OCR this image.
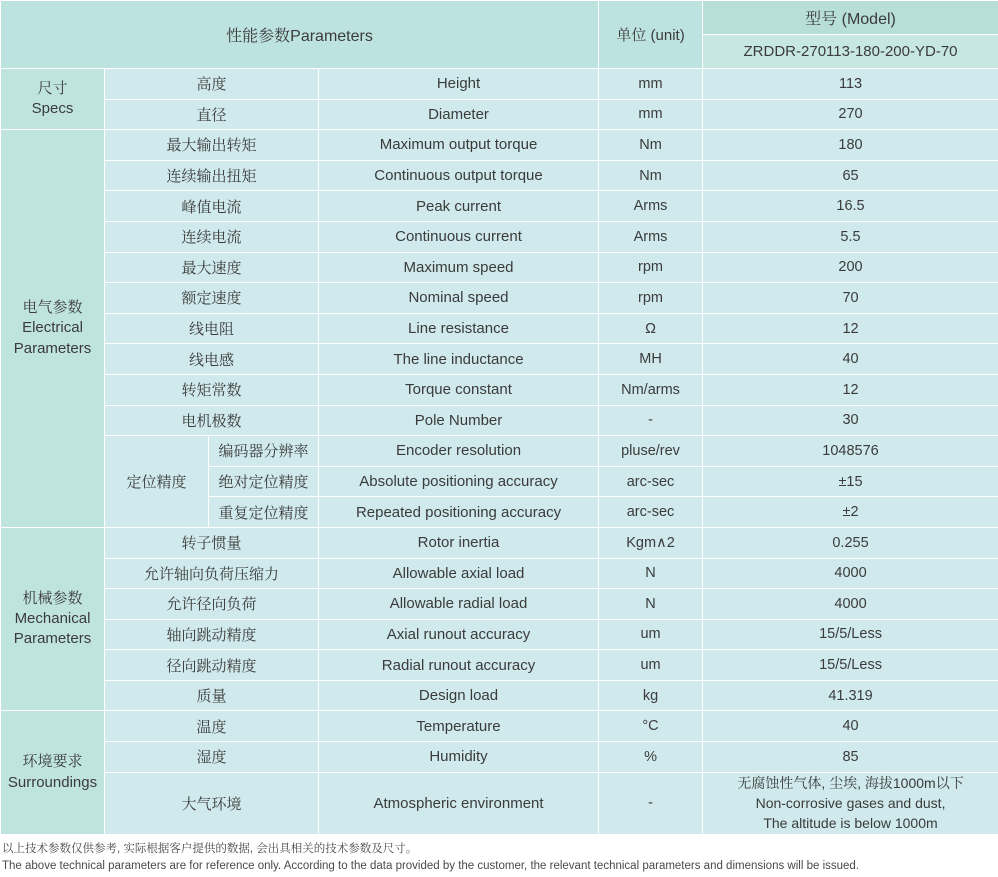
性能参数Parameters				单位 (unit)	型号 (Model)
					ZRDDR-270113-180-200-YD-70
尺寸
Specs	高度		Height	mm	113
	直径		Diameter	mm	270
电气参数
Electrical
Parameters	最大输出转矩		Maximum output torque	Nm	180
	连续输出扭矩		Continuous output torque	Nm	65
	峰值电流		Peak current	Arms	16.5
	连续电流		Continuous current	Arms	5.5
	最大速度		Maximum speed	rpm	200
	额定速度		Nominal speed	rpm	70
	线电阻		Line resistance	Ω	12
	线电感		The line inductance	MH	40
	转矩常数		Torque constant	Nm/arms	12
	电机极数		Pole Number	-	30
	定位精度	编码器分辨率	Encoder resolution	pluse/rev	1048576
		绝对定位精度	Absolute positioning accuracy	arc-sec	±15
		重复定位精度	Repeated positioning accuracy	arc-sec	±2
机械参数
Mechanical
Parameters	转子惯量		Rotor inertia	Kgm∧2	0.255
	允许轴向负荷压缩力		Allowable axial load	N	4000
	允许径向负荷		Allowable radial load	N	4000
	轴向跳动精度		Axial runout accuracy	um	15/5/Less
	径向跳动精度		Radial runout accuracy	um	15/5/Less
	质量		Design load	kg	41.319
环境要求
Surroundings	温度		Temperature	°C	40
	湿度		Humidity	%	85
	大气环境		Atmospheric environment	-	无腐蚀性气体, 尘埃, 海拔1000m以下
Non-corrosive gases and dust,
The altitude is below 1000m
以上技术参数仅供参考, 实际根据客户提供的数据, 会出具相关的技术参数及尺寸。
The above technical parameters are for reference only. According to the data provided by the customer, the relevant technical parameters and dimensions will be issued.
